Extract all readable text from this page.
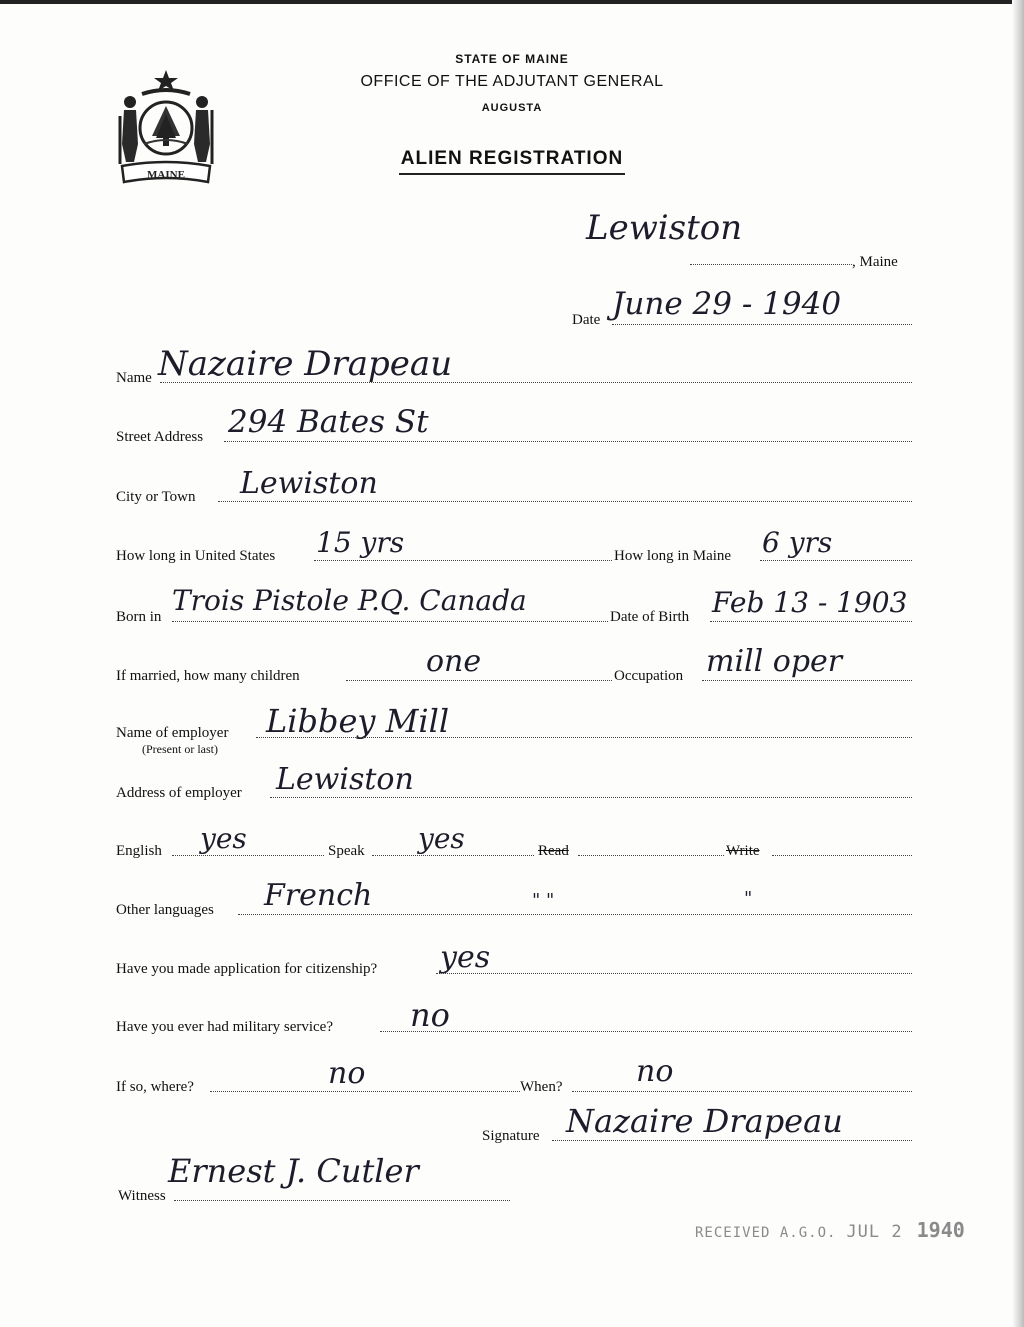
MAINE
STATE OF MAINE
OFFICE OF THE ADJUTANT GENERAL
AUGUSTA
ALIEN REGISTRATION
Lewiston
, Maine
Date June 29 - 1940
Name Nazaire Drapeau
Street Address 294 Bates St
City or Town Lewiston
How long in United States 15 yrs	How long in Maine 6 yrs
Born in Trois Pistole P.Q. Canada	Date of Birth Feb 13 - 1903
If married, how many children	one	Occupation mill oper
Name of employer
(Present or last)
Libbey Mill
Address of employer Lewiston
English yes	Speak yes	Read	Write
Other languages French	" "	"
Have you made application for citizenship? yes
Have you ever had military service? no
If so, where?	no	When? no
Signature Nazaire Drapeau
Witness
Ernest J. Cutler
RECEIVED A.G.O. JUL 2 1940
